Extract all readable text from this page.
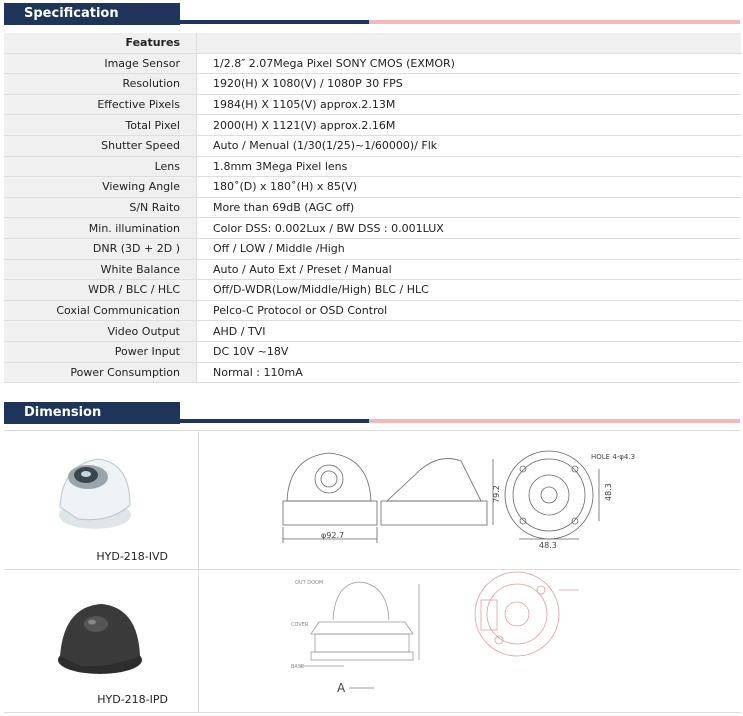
Specification
Features	
Image Sensor	1/2.8″ 2.07Mega Pixel SONY CMOS (EXMOR)
Resolution	1920(H) X 1080(V) / 1080P 30 FPS
Effective Pixels	1984(H) X 1105(V) approx.2.13M
Total Pixel	2000(H) X 1121(V) approx.2.16M
Shutter Speed	Auto / Menual (1/30(1/25)~1/60000)/ Flk
Lens	1.8mm 3Mega Pixel lens
Viewing Angle	180˚(D) x 180˚(H) x 85(V)
S/N Raito	More than 69dB (AGC off)
Min. illumination	Color DSS: 0.002Lux / BW DSS : 0.001LUX
DNR (3D + 2D )	Off / LOW / Middle /High
White Balance	Auto / Auto Ext / Preset / Manual
WDR / BLC / HLC	Off/D-WDR(Low/Middle/High) BLC / HLC
Coxial Communication	Pelco-C Protocol or OSD Control
Video Output	AHD / TVI
Power Input	DC 10V ~18V
Power Consumption	Normal : 110mA
Dimension
HYD-218-IVD
φ92.7
79.2
HOLE 4-φ4.3
48.3
48.3
HYD-218-IPD
OUT DOOM
COVER
BASE
A
